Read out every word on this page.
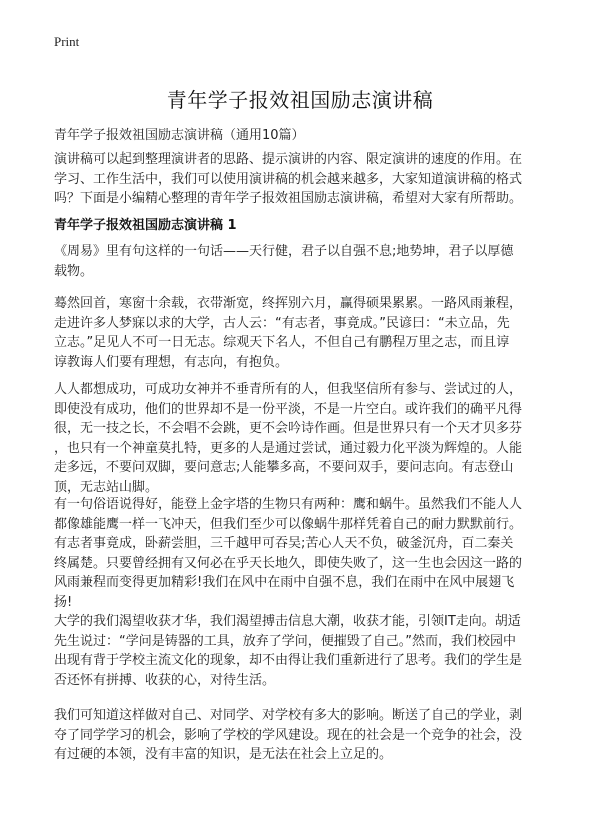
Print
青年学子报效祖国励志演讲稿
青年学子报效祖国励志演讲稿（通用10篇）
演讲稿可以起到整理演讲者的思路、提示演讲的内容、限定演讲的速度的作用。在
学习、工作生活中，我们可以使用演讲稿的机会越来越多，大家知道演讲稿的格式
吗？下面是小编精心整理的青年学子报效祖国励志演讲稿，希望对大家有所帮助。
青年学子报效祖国励志演讲稿 1
《周易》里有句这样的一句话——天行健，君子以自强不息;地势坤，君子以厚德
载物。
蓦然回首，寒窗十余载，衣带渐宽，终挥别六月，赢得硕果累累。一路风雨兼程，
走进许多人梦寐以求的大学，古人云：“有志者，事竟成。”民谚曰：“未立品，先
立志。”足见人不可一日无志。综观天下名人，不但自己有鹏程万里之志，而且谆
谆教诲人们要有理想，有志向，有抱负。
人人都想成功，可成功女神并不垂青所有的人，但我坚信所有参与、尝试过的人，
即使没有成功，他们的世界却不是一份平淡，不是一片空白。或许我们的确平凡得
很，无一技之长，不会唱不会跳，更不会吟诗作画。但是世界只有一个天才贝多芬
，也只有一个神童莫扎特，更多的人是通过尝试，通过毅力化平淡为辉煌的。人能
走多远，不要问双脚，要问意志;人能攀多高，不要问双手，要问志向。有志登山
顶，无志站山脚。
有一句俗语说得好，能登上金字塔的生物只有两种：鹰和蜗牛。虽然我们不能人人
都像雄能鹰一样一飞冲天，但我们至少可以像蜗牛那样凭着自己的耐力默默前行。
有志者事竟成，卧薪尝胆，三千越甲可吞吴;苦心人天不负，破釜沉舟，百二秦关
终属楚。只要曾经拥有又何必在乎天长地久，即使失败了，这一生也会因这一路的
风雨兼程而变得更加精彩!我们在风中在雨中自强不息，我们在雨中在风中展翅飞
扬!
大学的我们渴望收获才华，我们渴望搏击信息大潮，收获才能，引领IT走向。胡适
先生说过：“学问是铸器的工具，放弃了学问，便摧毁了自己。”然而，我们校园中
出现有背于学校主流文化的现象，却不由得让我们重新进行了思考。我们的学生是
否还怀有拼搏、收获的心，对待生活。
我们可知道这样做对自己、对同学、对学校有多大的影响。断送了自己的学业，剥
夺了同学学习的机会，影响了学校的学风建设。现在的社会是一个竞争的社会，没
有过硬的本领，没有丰富的知识，是无法在社会上立足的。
